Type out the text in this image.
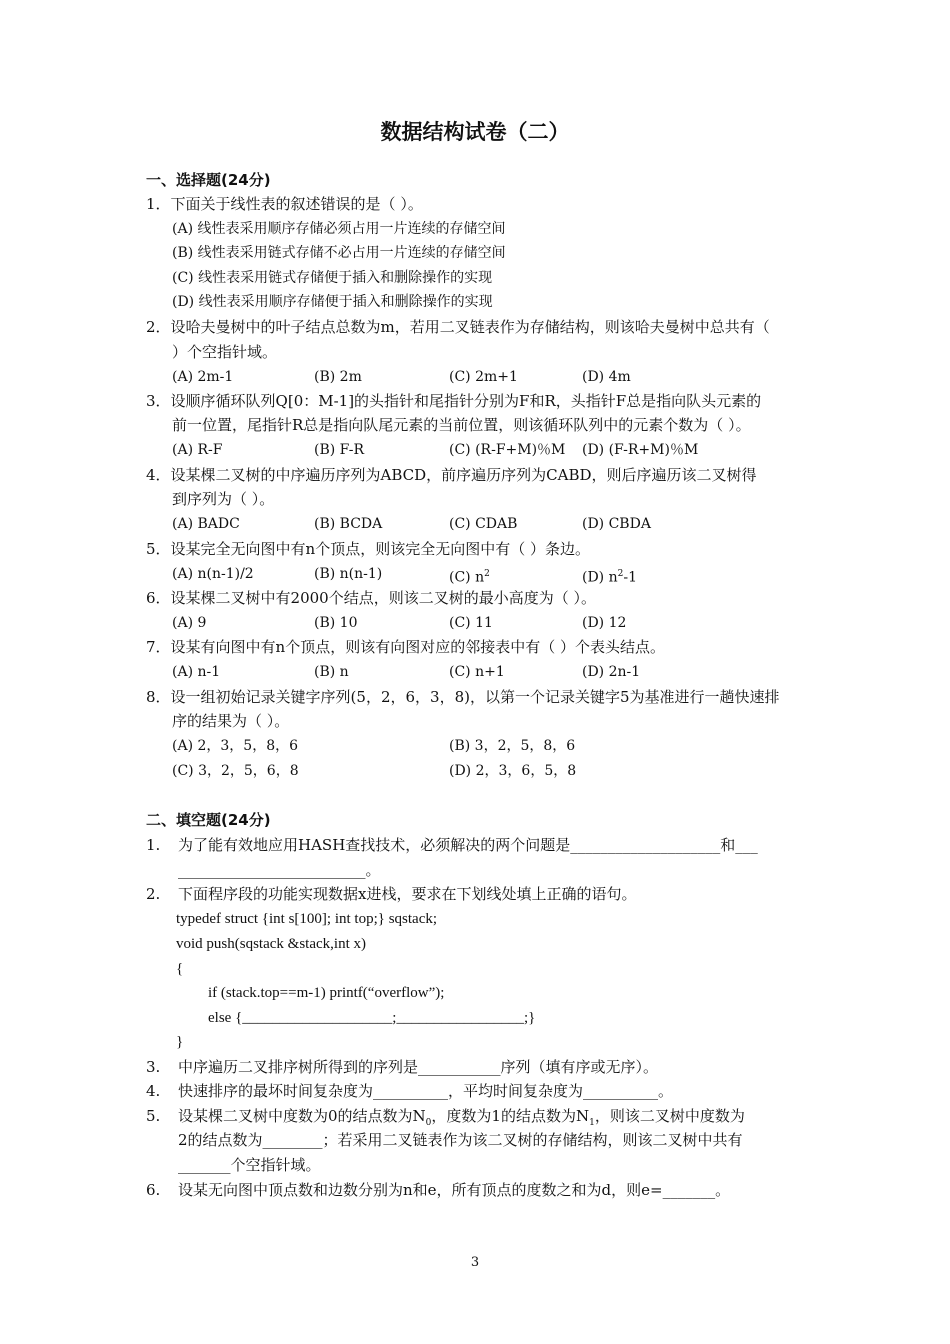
数据结构试卷（二）
一、选择题(24分)
1．下面关于线性表的叙述错误的是（ ）。
(A) 线性表采用顺序存储必须占用一片连续的存储空间
(B) 线性表采用链式存储不必占用一片连续的存储空间
(C) 线性表采用链式存储便于插入和删除操作的实现
(D) 线性表采用顺序存储便于插入和删除操作的实现
2．设哈夫曼树中的叶子结点总数为m，若用二叉链表作为存储结构，则该哈夫曼树中总共有（
）个空指针域。
(A) 2m-1	(B) 2m	(C) 2m+1	(D) 4m
3．设顺序循环队列Q[0：M-1]的头指针和尾指针分别为F和R，头指针F总是指向队头元素的
前一位置，尾指针R总是指向队尾元素的当前位置，则该循环队列中的元素个数为（ ）。
(A) R-F	(B) F-R	(C) (R-F+M)％M (D) (F-R+M)％M
4．设某棵二叉树的中序遍历序列为ABCD，前序遍历序列为CABD，则后序遍历该二叉树得
到序列为（ ）。
(A) BADC	(B) BCDA	(C) CDAB	(D) CBDA
5．设某完全无向图中有n个顶点，则该完全无向图中有（ ）条边。
(A) n(n-1)/2	(B) n(n-1)	(C) $n^2$	(D) $n^2-1$
6．设某棵二叉树中有2000个结点，则该二叉树的最小高度为（ ）。
(A) 9	(B) 10	(C) 11	(D) 12
7．设某有向图中有n个顶点，则该有向图对应的邻接表中有（ ）个表头结点。
(A) n-1	(B) n	(C) n+1	(D) 2n-1
8．设一组初始记录关键字序列(5，2，6，3，8)，以第一个记录关键字5为基准进行一趟快速排
序的结果为（ ）。
(A) 2，3，5，8，6	(B) 3，2，5，8，6
(C) 3，2，5，6，8	(D) 2，3，6，5，8
二、填空题(24分)
1. 为了能有效地应用HASH查找技术，必须解决的两个问题是____________________和___
_________________________。
2. 下面程序段的功能实现数据x进栈，要求在下划线处填上正确的语句。
typedef struct {int s[100]; int top;} sqstack;
void push(sqstack &stack,int x)
{
if (stack.top==m-1) printf(“overflow”);
else {____________________;_________________;}
}
3. 中序遍历二叉排序树所得到的序列是___________序列（填有序或无序）。
4. 快速排序的最坏时间复杂度为__________，平均时间复杂度为__________。
5. 设某棵二叉树中度数为0的结点数为$N_0$，度数为1的结点数为$N_1$，则该二叉树中度数为
2的结点数为________；若采用二叉链表作为该二叉树的存储结构，则该二叉树中共有
_______个空指针域。
6. 设某无向图中顶点数和边数分别为n和e，所有顶点的度数之和为d，则e=_______。
3
